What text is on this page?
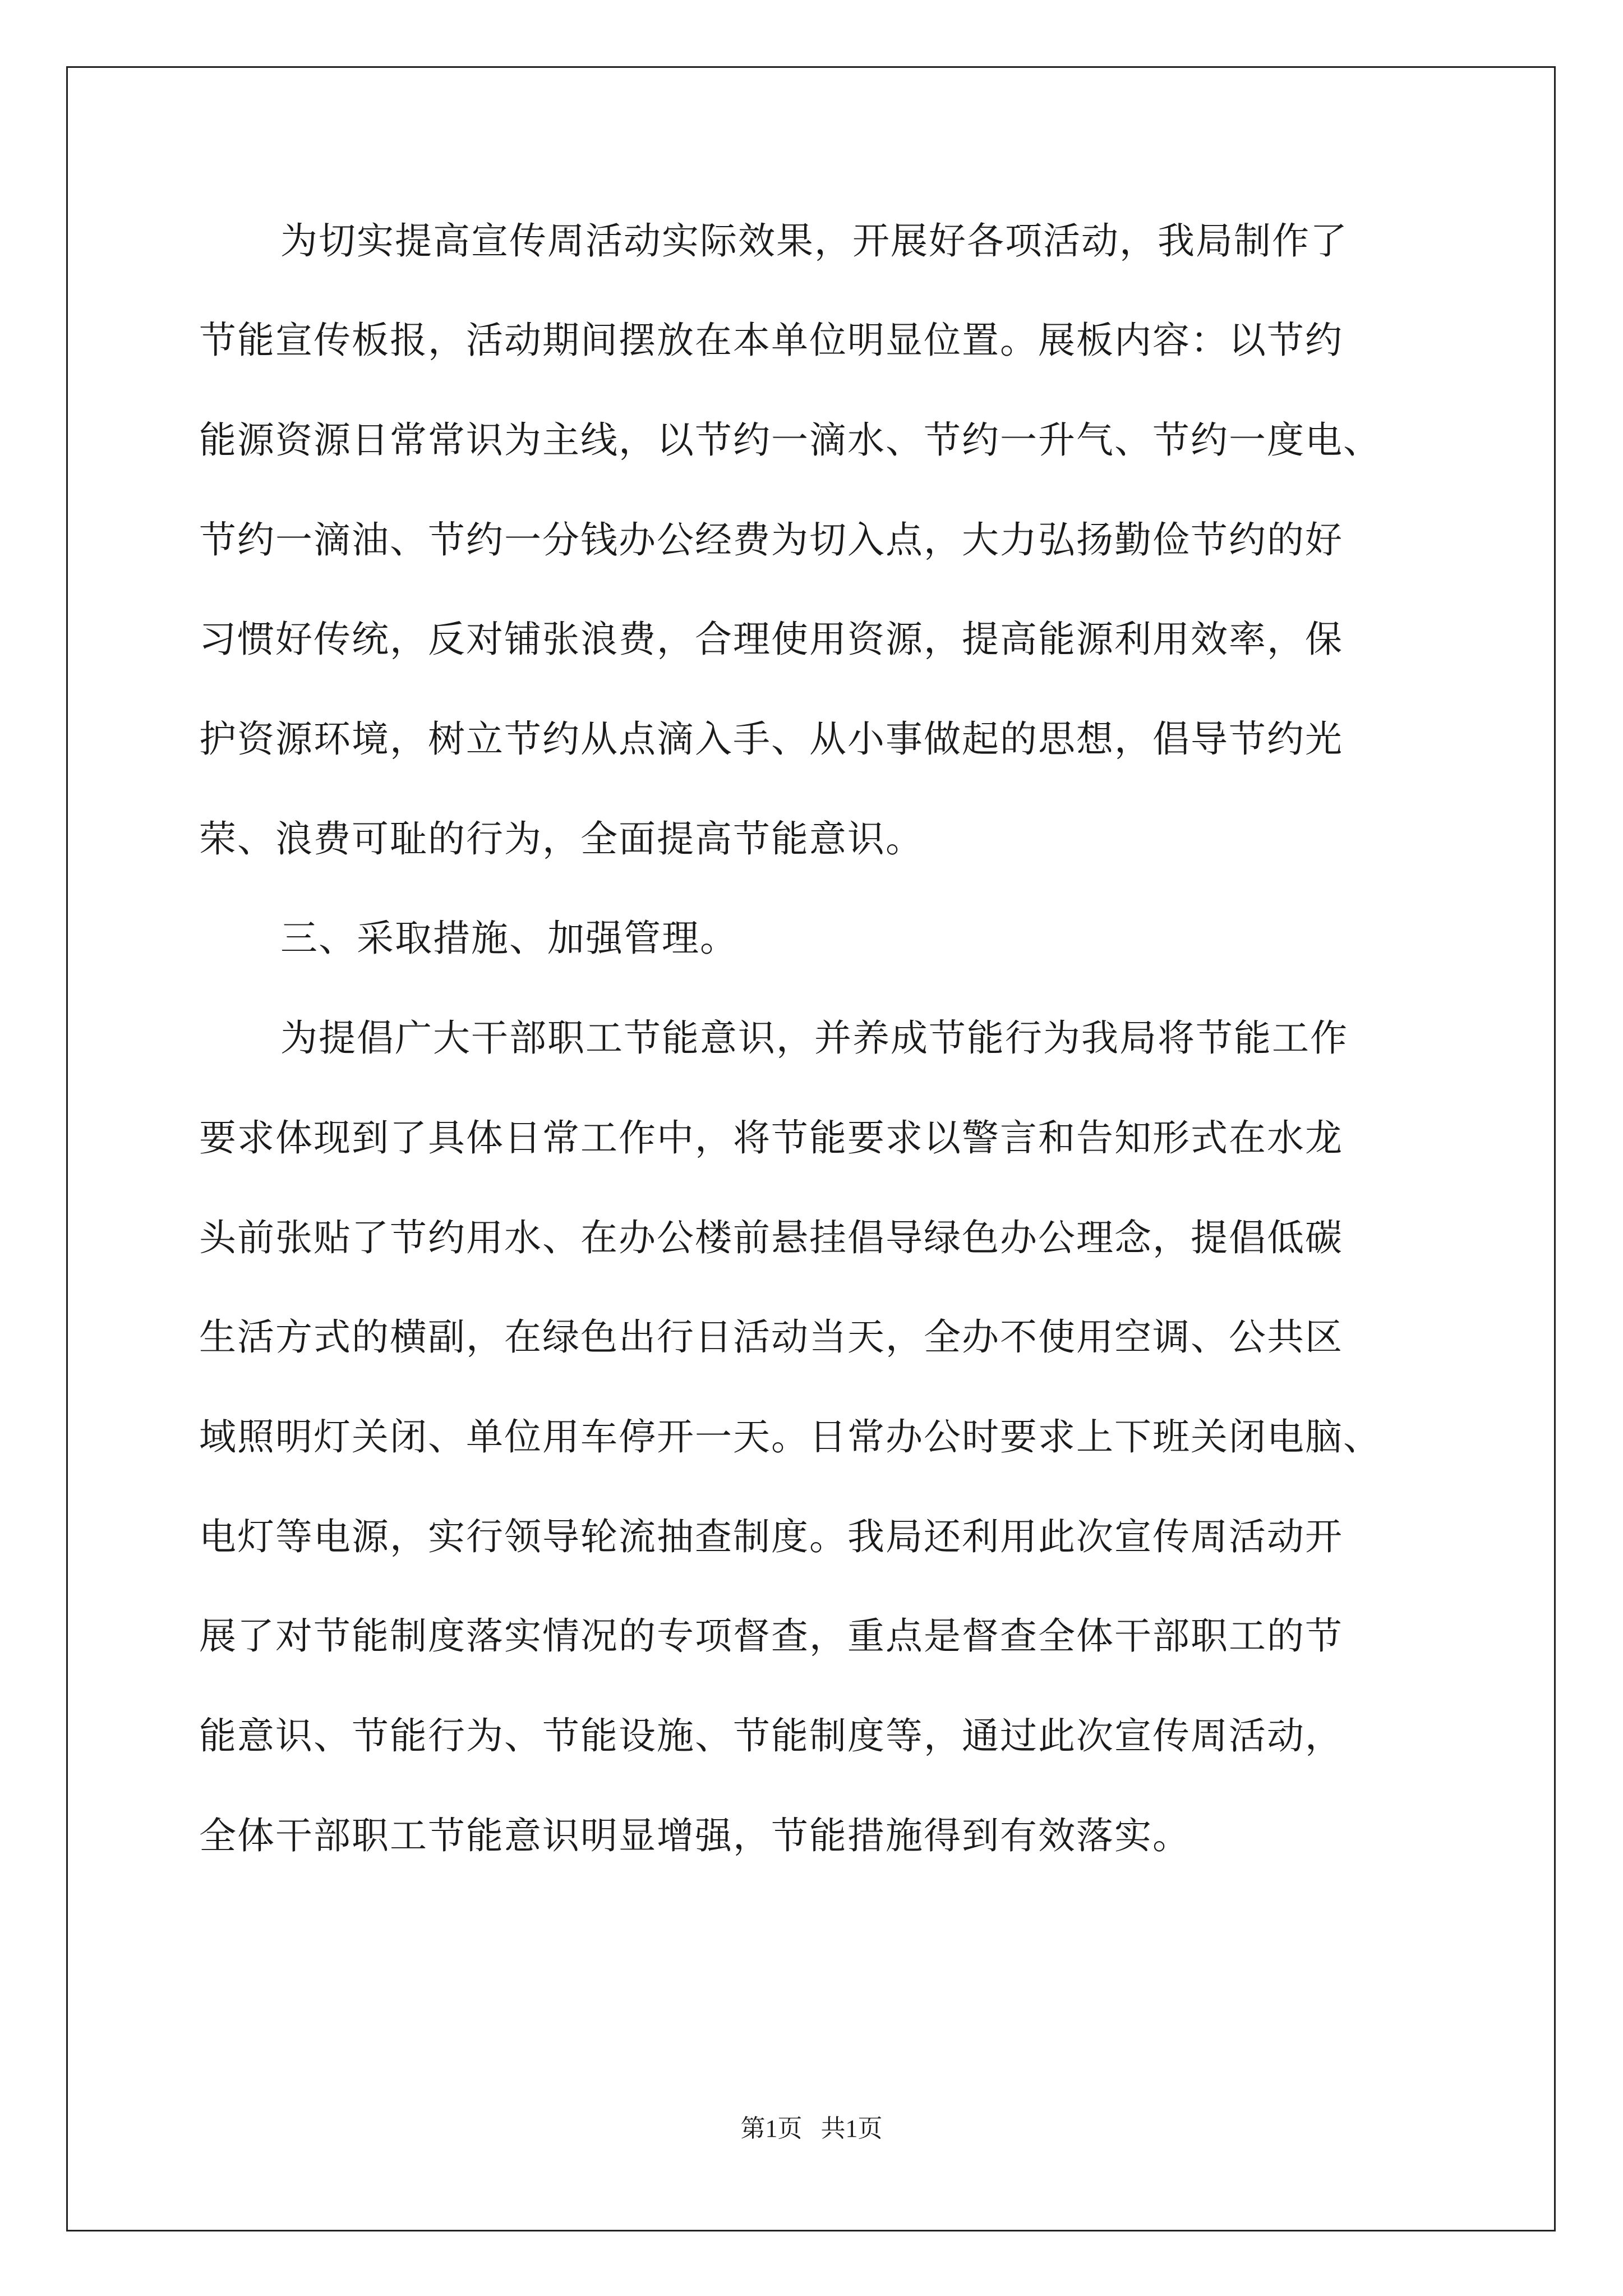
为切实提高宣传周活动实际效果，开展好各项活动，我局制作了
节能宣传板报，活动期间摆放在本单位明显位置。展板内容：以节约
能源资源日常常识为主线，以节约一滴水、节约一升气、节约一度电、
节约一滴油、节约一分钱办公经费为切入点，大力弘扬勤俭节约的好
习惯好传统，反对铺张浪费，合理使用资源，提高能源利用效率，保
护资源环境，树立节约从点滴入手、从小事做起的思想，倡导节约光
荣、浪费可耻的行为，全面提高节能意识。
三、采取措施、加强管理。
为提倡广大干部职工节能意识，并养成节能行为我局将节能工作
要求体现到了具体日常工作中，将节能要求以警言和告知形式在水龙
头前张贴了节约用水、在办公楼前悬挂倡导绿色办公理念，提倡低碳
生活方式的横副，在绿色出行日活动当天，全办不使用空调、公共区
域照明灯关闭、单位用车停开一天。日常办公时要求上下班关闭电脑、
电灯等电源，实行领导轮流抽查制度。我局还利用此次宣传周活动开
展了对节能制度落实情况的专项督查，重点是督查全体干部职工的节
能意识、节能行为、节能设施、节能制度等，通过此次宣传周活动，
全体干部职工节能意识明显增强，节能措施得到有效落实。
第1页   共1页
